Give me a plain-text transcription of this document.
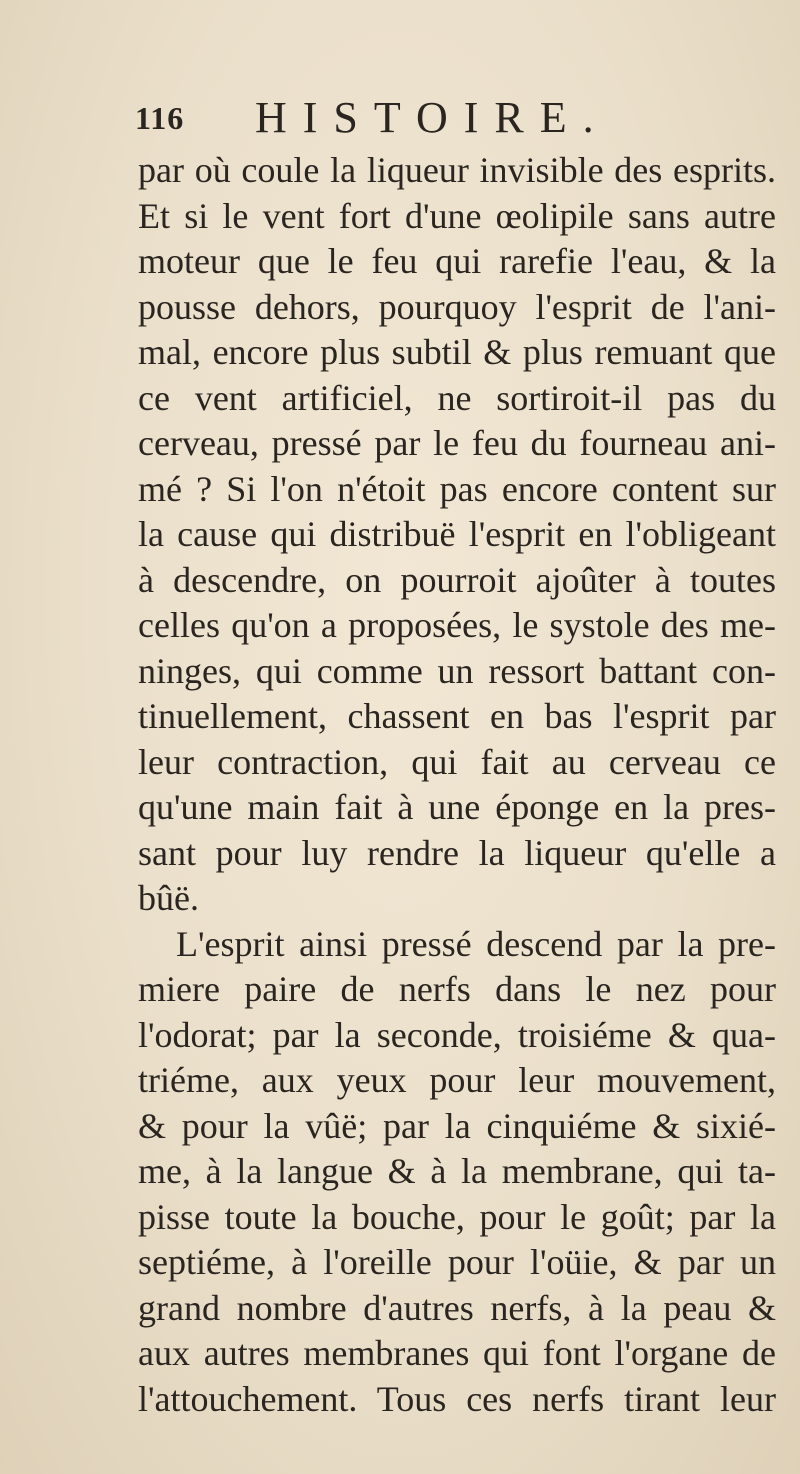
116 HISTOIRE.
par où coule la liqueur invisible des esprits.
Et si le vent fort d'une œolipile sans autre
moteur que le feu qui rarefie l'eau, & la
pousse dehors, pourquoy l'esprit de l'ani-
mal, encore plus subtil & plus remuant que
ce vent artificiel, ne sortiroit-il pas du
cerveau, pressé par le feu du fourneau ani-
mé ? Si l'on n'étoit pas encore content sur
la cause qui distribuë l'esprit en l'obligeant
à descendre, on pourroit ajoûter à toutes
celles qu'on a proposées, le systole des me-
ninges, qui comme un ressort battant con-
tinuellement, chassent en bas l'esprit par
leur contraction, qui fait au cerveau ce
qu'une main fait à une éponge en la pres-
sant pour luy rendre la liqueur qu'elle a
bûë.
L'esprit ainsi pressé descend par la pre-
miere paire de nerfs dans le nez pour
l'odorat; par la seconde, troisiéme & qua-
triéme, aux yeux pour leur mouvement,
& pour la vûë; par la cinquiéme & sixié-
me, à la langue & à la membrane, qui ta-
pisse toute la bouche, pour le goût; par la
septiéme, à l'oreille pour l'oüie, & par un
grand nombre d'autres nerfs, à la peau &
aux autres membranes qui font l'organe de
l'attouchement. Tous ces nerfs tirant leur
